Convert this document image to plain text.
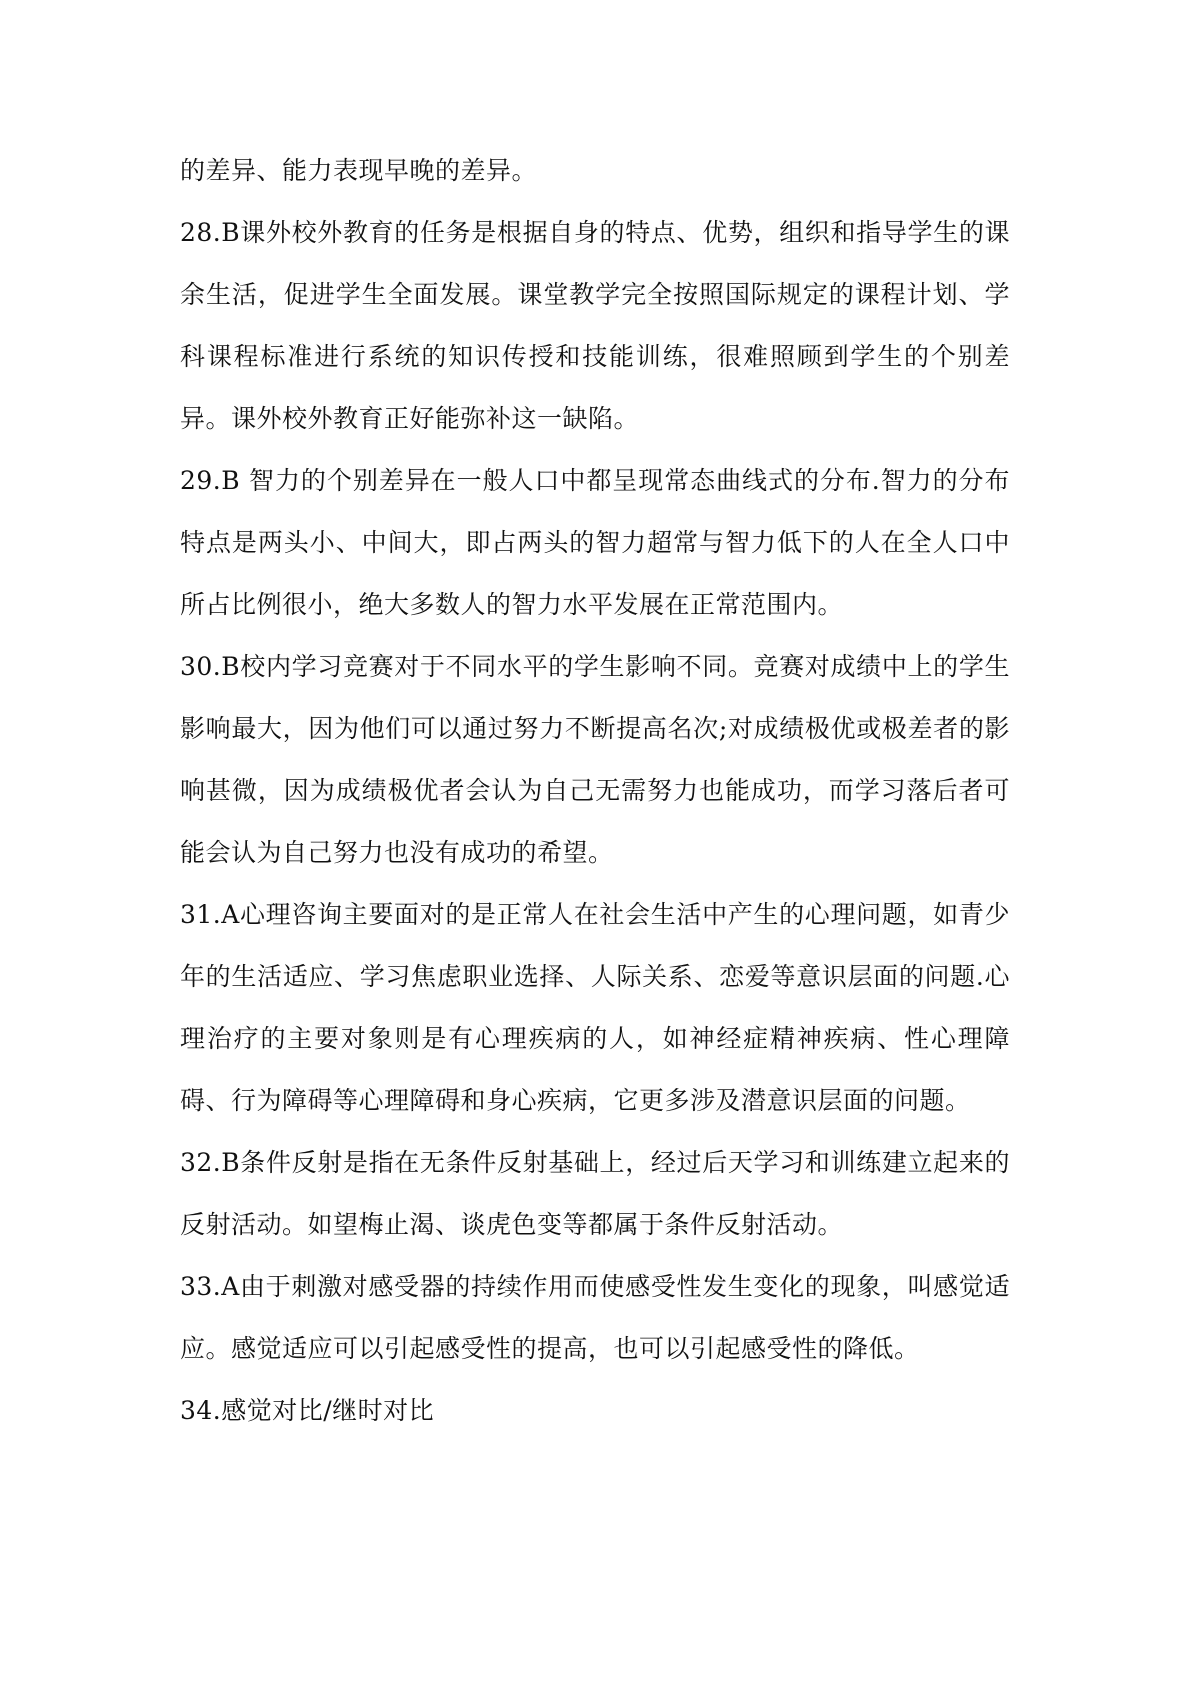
的差异、能力表现早晚的差异。

28.B课外校外教育的任务是根据自身的特点、优势，组织和指导学生的课余生活，促进学生全面发展。课堂教学完全按照国际规定的课程计划、学科课程标准进行系统的知识传授和技能训练，很难照顾到学生的个别差异。课外校外教育正好能弥补这一缺陷。

29.B 智力的个别差异在一般人口中都呈现常态曲线式的分布.智力的分布特点是两头小、中间大，即占两头的智力超常与智力低下的人在全人口中所占比例很小，绝大多数人的智力水平发展在正常范围内。

30.B校内学习竞赛对于不同水平的学生影响不同。竞赛对成绩中上的学生影响最大，因为他们可以通过努力不断提高名次;对成绩极优或极差者的影响甚微，因为成绩极优者会认为自己无需努力也能成功，而学习落后者可能会认为自己努力也没有成功的希望。

31.A心理咨询主要面对的是正常人在社会生活中产生的心理问题，如青少年的生活适应、学习焦虑职业选择、人际关系、恋爱等意识层面的问题.心理治疗的主要对象则是有心理疾病的人，如神经症精神疾病、性心理障碍、行为障碍等心理障碍和身心疾病，它更多涉及潜意识层面的问题。

32.B条件反射是指在无条件反射基础上，经过后天学习和训练建立起来的反射活动。如望梅止渴、谈虎色变等都属于条件反射活动。

33.A由于刺激对感受器的持续作用而使感受性发生变化的现象，叫感觉适应。感觉适应可以引起感受性的提高，也可以引起感受性的降低。

34.感觉对比/继时对比
